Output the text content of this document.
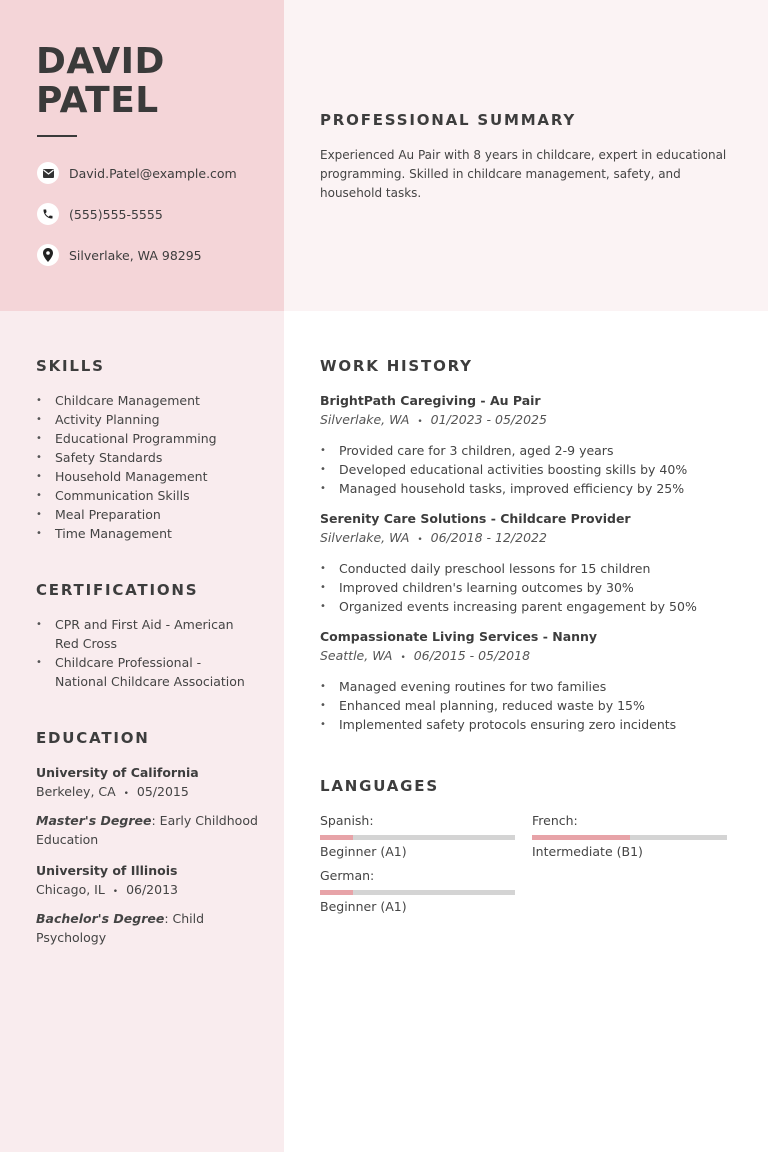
DAVID
PATEL
David.Patel@example.com
(555)555-5555
Silverlake, WA 98295
PROFESSIONAL SUMMARY
Experienced Au Pair with 8 years in childcare, expert in educational programming. Skilled in childcare management, safety, and household tasks.
SKILLS
• Childcare Management
• Activity Planning
• Educational Programming
• Safety Standards
• Household Management
• Communication Skills
• Meal Preparation
• Time Management
CERTIFICATIONS
• CPR and First Aid - American Red Cross
• Childcare Professional - National Childcare Association
EDUCATION
University of California
Berkeley, CA • 05/2015
Master's Degree: Early Childhood Education
University of Illinois
Chicago, IL • 06/2013
Bachelor's Degree: Child Psychology
WORK HISTORY
BrightPath Caregiving - Au Pair
Silverlake, WA • 01/2023 - 05/2025
• Provided care for 3 children, aged 2-9 years
• Developed educational activities boosting skills by 40%
• Managed household tasks, improved efficiency by 25%
Serenity Care Solutions - Childcare Provider
Silverlake, WA • 06/2018 - 12/2022
• Conducted daily preschool lessons for 15 children
• Improved children's learning outcomes by 30%
• Organized events increasing parent engagement by 50%
Compassionate Living Services - Nanny
Seattle, WA • 06/2015 - 05/2018
• Managed evening routines for two families
• Enhanced meal planning, reduced waste by 15%
• Implemented safety protocols ensuring zero incidents
LANGUAGES
Spanish:
Beginner (A1)
French:
Intermediate (B1)
German:
Beginner (A1)
